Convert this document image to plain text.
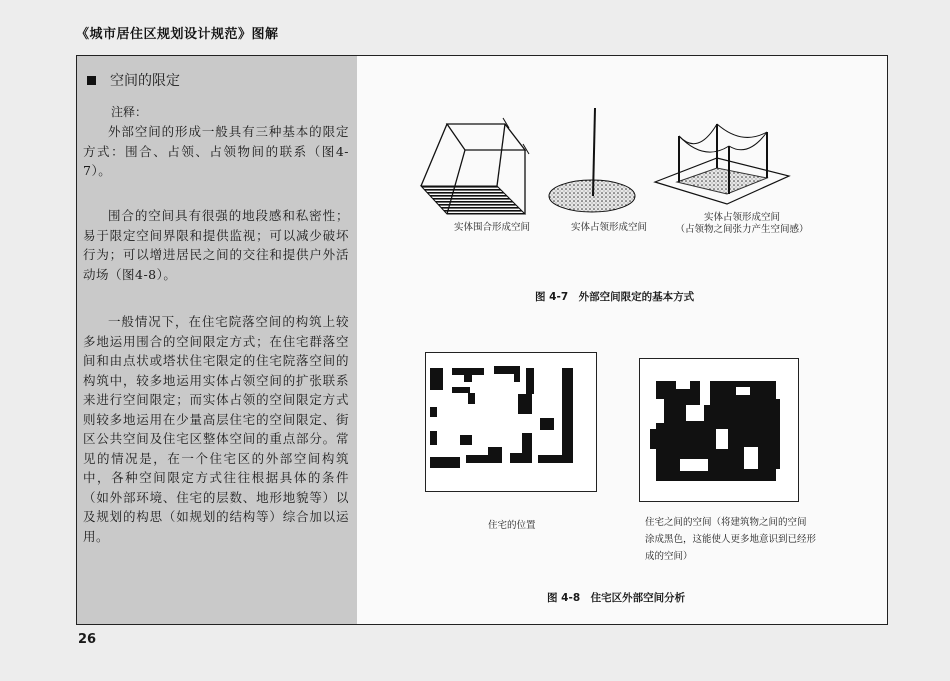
《城市居住区规划设计规范》图解
空间的限定
注释：
外部空间的形成一般具有三种基本的限定方式：围合、占领、占领物间的联系（图4-7）。
围合的空间具有很强的地段感和私密性；易于限定空间界限和提供监视；可以减少破坏行为；可以增进居民之间的交往和提供户外活动场（图4-8）。
一般情况下，在住宅院落空间的构筑上较多地运用围合的空间限定方式；在住宅群落空间和由点状或塔状住宅限定的住宅院落空间的构筑中，较多地运用实体占领空间的扩张联系来进行空间限定；而实体占领的空间限定方式则较多地运用在少量高层住宅的空间限定、街区公共空间及住宅区整体空间的重点部分。常见的情况是，在一个住宅区的外部空间构筑中，各种空间限定方式往往根据具体的条件（如外部环境、住宅的层数、地形地貌等）以及规划的构思（如规划的结构等）综合加以运用。
实体围合形成空间	实体占领形成空间
实体占领形成空间
（占领物之间张力产生空间感）
图 4-7　外部空间限定的基本方式
住宅的位置	住宅之间的空间（将建筑物之间的空间
涂成黑色，这能使人更多地意识到已经形
成的空间）
图 4-8　住宅区外部空间分析
26
